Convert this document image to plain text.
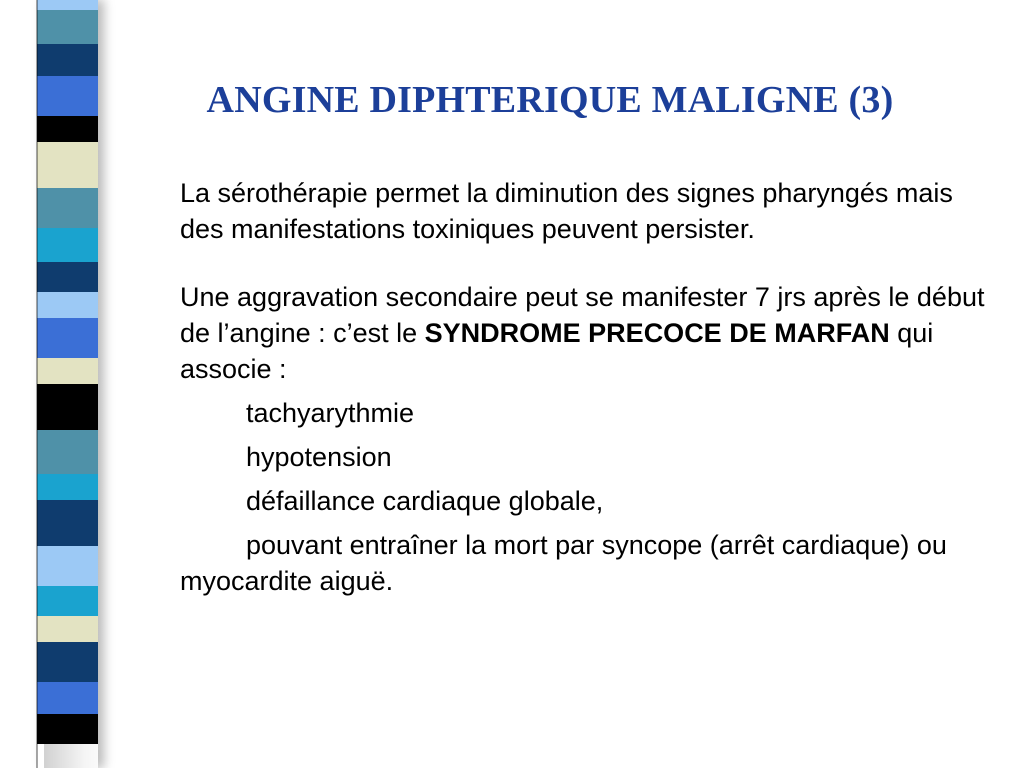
ANGINE DIPHTERIQUE MALIGNE (3)

La sérothérapie permet la diminution des signes pharyngés mais des manifestations toxiniques peuvent persister.

Une aggravation secondaire peut se manifester 7 jrs après le début de l’angine : c’est le SYNDROME PRECOCE DE MARFAN qui associe :

tachyarythmie

hypotension

défaillance cardiaque globale,

pouvant entraîner la mort par syncope (arrêt cardiaque) ou myocardite aiguë.
